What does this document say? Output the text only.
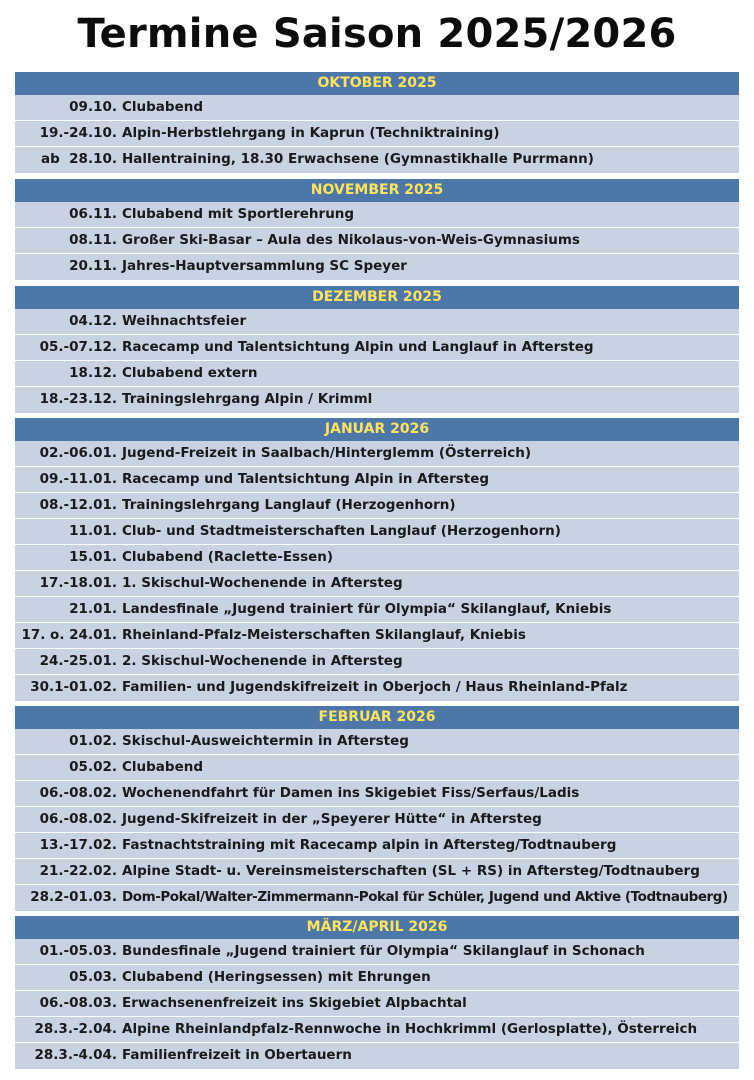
Termine Saison 2025/2026
OKTOBER 2025
09.10. Clubabend
19.-24.10. Alpin-Herbstlehrgang in Kaprun (Techniktraining)
ab  28.10. Hallentraining, 18.30 Erwachsene (Gymnastikhalle Purrmann)
NOVEMBER 2025
06.11. Clubabend mit Sportlerehrung
08.11. Großer Ski-Basar – Aula des Nikolaus-von-Weis-Gymnasiums
20.11. Jahres-Hauptversammlung SC Speyer
DEZEMBER 2025
04.12. Weihnachtsfeier
05.-07.12. Racecamp und Talentsichtung Alpin und Langlauf in Aftersteg
18.12. Clubabend extern
18.-23.12. Trainingslehrgang Alpin / Krimml
JANUAR 2026
02.-06.01. Jugend-Freizeit in Saalbach/Hinterglemm (Österreich)
09.-11.01. Racecamp und Talentsichtung Alpin in Aftersteg
08.-12.01. Trainingslehrgang Langlauf (Herzogenhorn)
11.01. Club- und Stadtmeisterschaften Langlauf (Herzogenhorn)
15.01. Clubabend (Raclette-Essen)
17.-18.01. 1. Skischul-Wochenende in Aftersteg
21.01. Landesfinale „Jugend trainiert für Olympia“ Skilanglauf, Kniebis
17. o. 24.01. Rheinland-Pfalz-Meisterschaften Skilanglauf, Kniebis
24.-25.01. 2. Skischul-Wochenende in Aftersteg
30.1-01.02. Familien- und Jugendskifreizeit in Oberjoch / Haus Rheinland-Pfalz
FEBRUAR 2026
01.02. Skischul-Ausweichtermin in Aftersteg
05.02. Clubabend
06.-08.02. Wochenendfahrt für Damen ins Skigebiet Fiss/Serfaus/Ladis
06.-08.02. Jugend-Skifreizeit in der „Speyerer Hütte“ in Aftersteg
13.-17.02. Fastnachtstraining mit Racecamp alpin in Aftersteg/Todtnauberg
21.-22.02. Alpine Stadt- u. Vereinsmeisterschaften (SL + RS) in Aftersteg/Todtnauberg
28.2-01.03. Dom-Pokal/Walter-Zimmermann-Pokal für Schüler, Jugend und Aktive (Todtnauberg)
MÄRZ/APRIL 2026
01.-05.03. Bundesfinale „Jugend trainiert für Olympia“ Skilanglauf in Schonach
05.03. Clubabend (Heringsessen) mit Ehrungen
06.-08.03. Erwachsenenfreizeit ins Skigebiet Alpbachtal
28.3.-2.04. Alpine Rheinlandpfalz-Rennwoche in Hochkrimml (Gerlosplatte), Österreich
28.3.-4.04. Familienfreizeit in Obertauern
